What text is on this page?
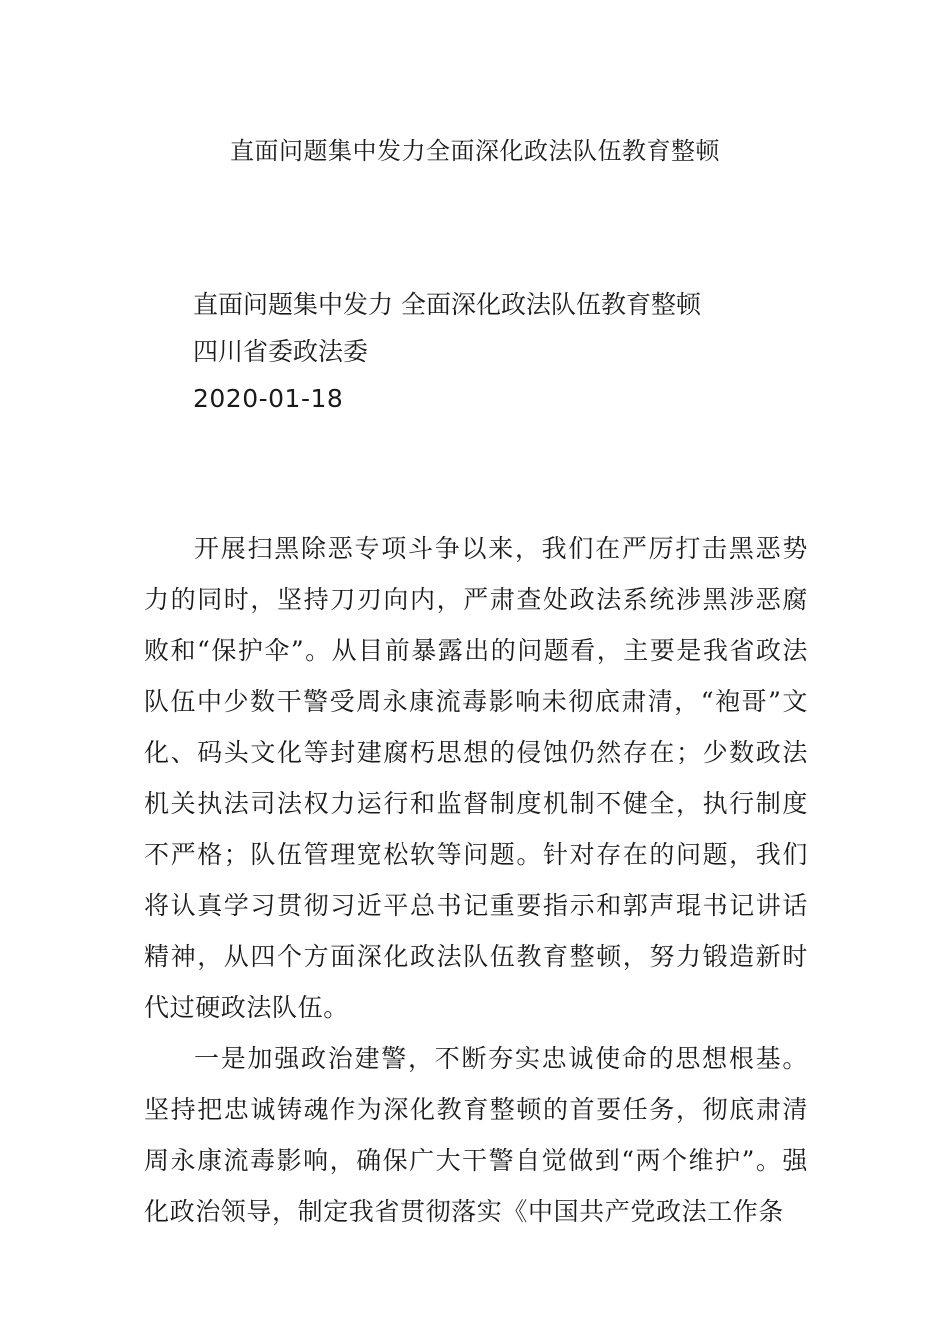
直面问题集中发力全面深化政法队伍教育整顿
直面问题集中发力 全面深化政法队伍教育整顿
四川省委政法委
2020-01-18

开展扫黑除恶专项斗争以来，我们在严厉打击黑恶势力的同时，坚持刀刃向内，严肃查处政法系统涉黑涉恶腐败和“保护伞”。从目前暴露出的问题看，主要是我省政法队伍中少数干警受周永康流毒影响未彻底肃清，“袍哥”文化、码头文化等封建腐朽思想的侵蚀仍然存在；少数政法机关执法司法权力运行和监督制度机制不健全，执行制度不严格；队伍管理宽松软等问题。针对存在的问题，我们将认真学习贯彻习近平总书记重要指示和郭声琨书记讲话精神，从四个方面深化政法队伍教育整顿，努力锻造新时代过硬政法队伍。

一是加强政治建警，不断夯实忠诚使命的思想根基。坚持把忠诚铸魂作为深化教育整顿的首要任务，彻底肃清周永康流毒影响，确保广大干警自觉做到“两个维护”。强化政治领导，制定我省贯彻落实《中国共产党政法工作条
